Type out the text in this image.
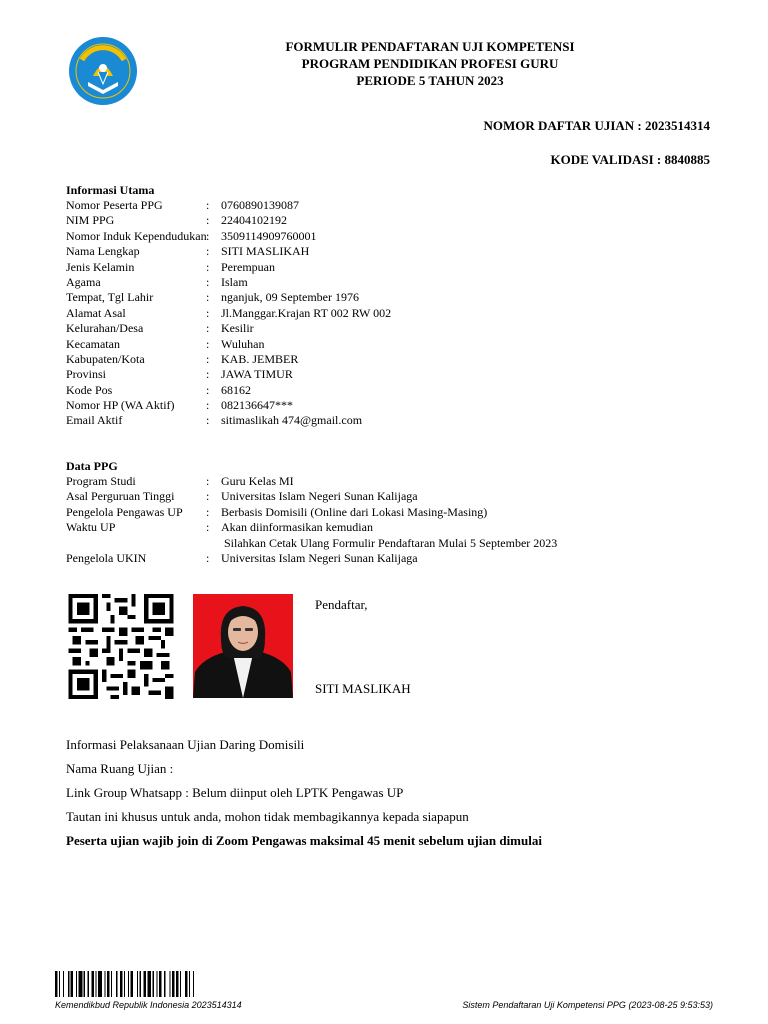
FORMULIR PENDAFTARAN UJI KOMPETENSI
PROGRAM PENDIDIKAN PROFESI GURU
PERIODE 5 TAHUN 2023
NOMOR DAFTAR UJIAN : 2023514314
KODE VALIDASI : 8840885
Informasi Utama
Nomor Peserta PPG	: 0760890139087
NIM PPG	: 22404102192
Nomor Induk Kependudukan : 3509114909760001
Nama Lengkap	: SITI MASLIKAH
Jenis Kelamin	: Perempuan
Agama	: Islam
Tempat, Tgl Lahir	: nganjuk, 09 September 1976
Alamat Asal	: Jl.Manggar.Krajan RT 002 RW 002
Kelurahan/Desa	: Kesilir
Kecamatan	: Wuluhan
Kabupaten/Kota	: KAB. JEMBER
Provinsi	: JAWA TIMUR
Kode Pos	: 68162
Nomor HP (WA Aktif)	: 082136647***
Email Aktif	: sitimaslikah 474@gmail.com
Data PPG
Program Studi	: Guru Kelas MI
Asal Perguruan Tinggi	: Universitas Islam Negeri Sunan Kalijaga
Pengelola Pengawas UP	: Berbasis Domisili (Online dari Lokasi Masing-Masing)
Waktu UP	: Akan diinformasikan kemudian
Silahkan Cetak Ulang Formulir Pendaftaran Mulai 5 September 2023
Pengelola UKIN	: Universitas Islam Negeri Sunan Kalijaga
Pendaftar,
SITI MASLIKAH
Informasi Pelaksanaan Ujian Daring Domisili
Nama Ruang Ujian :
Link Group Whatsapp : Belum diinput oleh LPTK Pengawas UP
Tautan ini khusus untuk anda, mohon tidak membagikannya kepada siapapun
Peserta ujian wajib join di Zoom Pengawas maksimal 45 menit sebelum ujian dimulai
Kemendikbud Republik Indonesia 2023514314	Sistem Pendaftaran Uji Kompetensi PPG (2023-08-25 9:53:53)
